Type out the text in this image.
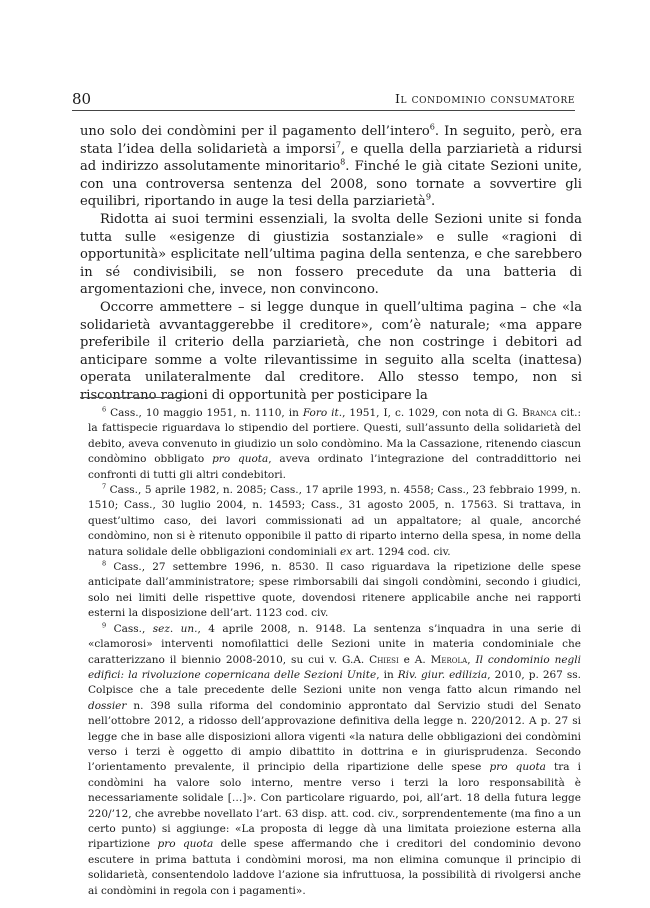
80	Il condominio consumatore

uno solo dei condòmini per il pagamento dell’intero$^6$. In seguito, però, era stata l’idea della solidarietà a imporsi$^7$, e quella della parziarietà a ridursi ad indirizzo assolutamente minoritario$^8$. Finché le già citate Sezioni unite, con una controversa sentenza del 2008, sono tornate a sovvertire gli equilibri, riportando in auge la tesi della parziarietà$^9$.

Ridotta ai suoi termini essenziali, la svolta delle Sezioni unite si fonda tutta sulle «esigenze di giustizia sostanziale» e sulle «ragioni di opportunità» esplicitate nell’ultima pagina della sentenza, e che sarebbero in sé condivisibili, se non fossero precedute da una batteria di argomentazioni che, invece, non convincono.

Occorre ammettere – si legge dunque in quell’ultima pagina – che «la solidarietà avvantaggerebbe il creditore», com’è naturale; «ma appare preferibile il criterio della parziarietà, che non costringe i debitori ad anticipare somme a volte rilevantissime in seguito alla scelta (inattesa) operata unilateralmente dal creditore. Allo stesso tempo, non si riscontrano ragioni di opportunità per posticipare la

$^6$ Cass., 10 maggio 1951, n. 1110, in Foro it., 1951, I, c. 1029, con nota di G. Branca cit.: la fattispecie riguardava lo stipendio del portiere. Questi, sull’assunto della solidarietà del debito, aveva convenuto in giudizio un solo condòmino. Ma la Cassazione, ritenendo ciascun condòmino obbligato pro quota, aveva ordinato l’integrazione del contraddittorio nei confronti di tutti gli altri condebitori.

$^7$ Cass., 5 aprile 1982, n. 2085; Cass., 17 aprile 1993, n. 4558; Cass., 23 febbraio 1999, n. 1510; Cass., 30 luglio 2004, n. 14593; Cass., 31 agosto 2005, n. 17563. Si trattava, in quest’ultimo caso, dei lavori commissionati ad un appaltatore; al quale, ancorché condòmino, non si è ritenuto opponibile il patto di riparto interno della spesa, in nome della natura solidale delle obbligazioni condominiali ex art. 1294 cod. civ.

$^8$ Cass., 27 settembre 1996, n. 8530. Il caso riguardava la ripetizione delle spese anticipate dall’amministratore; spese rimborsabili dai singoli condòmini, secondo i giudici, solo nei limiti delle rispettive quote, dovendosi ritenere applicabile anche nei rapporti esterni la disposizione dell’art. 1123 cod. civ.

$^9$ Cass., sez. un., 4 aprile 2008, n. 9148. La sentenza s’inquadra in una serie di «clamorosi» interventi nomofilattici delle Sezioni unite in materia condominiale che caratterizzano il biennio 2008-2010, su cui v. G.A. Chiesi e A. Merola, Il condominio negli edifici: la rivoluzione copernicana delle Sezioni Unite, in Riv. giur. edilizia, 2010, p. 267 ss. Colpisce che a tale precedente delle Sezioni unite non venga fatto alcun rimando nel dossier n. 398 sulla riforma del condominio approntato dal Servizio studi del Senato nell’ottobre 2012, a ridosso dell’approvazione definitiva della legge n. 220/2012. A p. 27 si legge che in base alle disposizioni allora vigenti «la natura delle obbligazioni dei condòmini verso i terzi è oggetto di ampio dibattito in dottrina e in giurisprudenza. Secondo l’orientamento prevalente, il principio della ripartizione delle spese pro quota tra i condòmini ha valore solo interno, mentre verso i terzi la loro responsabilità è necessariamente solidale […]». Con particolare riguardo, poi, all’art. 18 della futura legge 220/’12, che avrebbe novellato l’art. 63 disp. att. cod. civ., sorprendentemente (ma fino a un certo punto) si aggiunge: «La proposta di legge dà una limitata proiezione esterna alla ripartizione pro quota delle spese affermando che i creditori del condominio devono escutere in prima battuta i condòmini morosi, ma non elimina comunque il principio di solidarietà, consentendolo laddove l’azione sia infruttuosa, la possibilità di rivolgersi anche ai condòmini in regola con i pagamenti».
